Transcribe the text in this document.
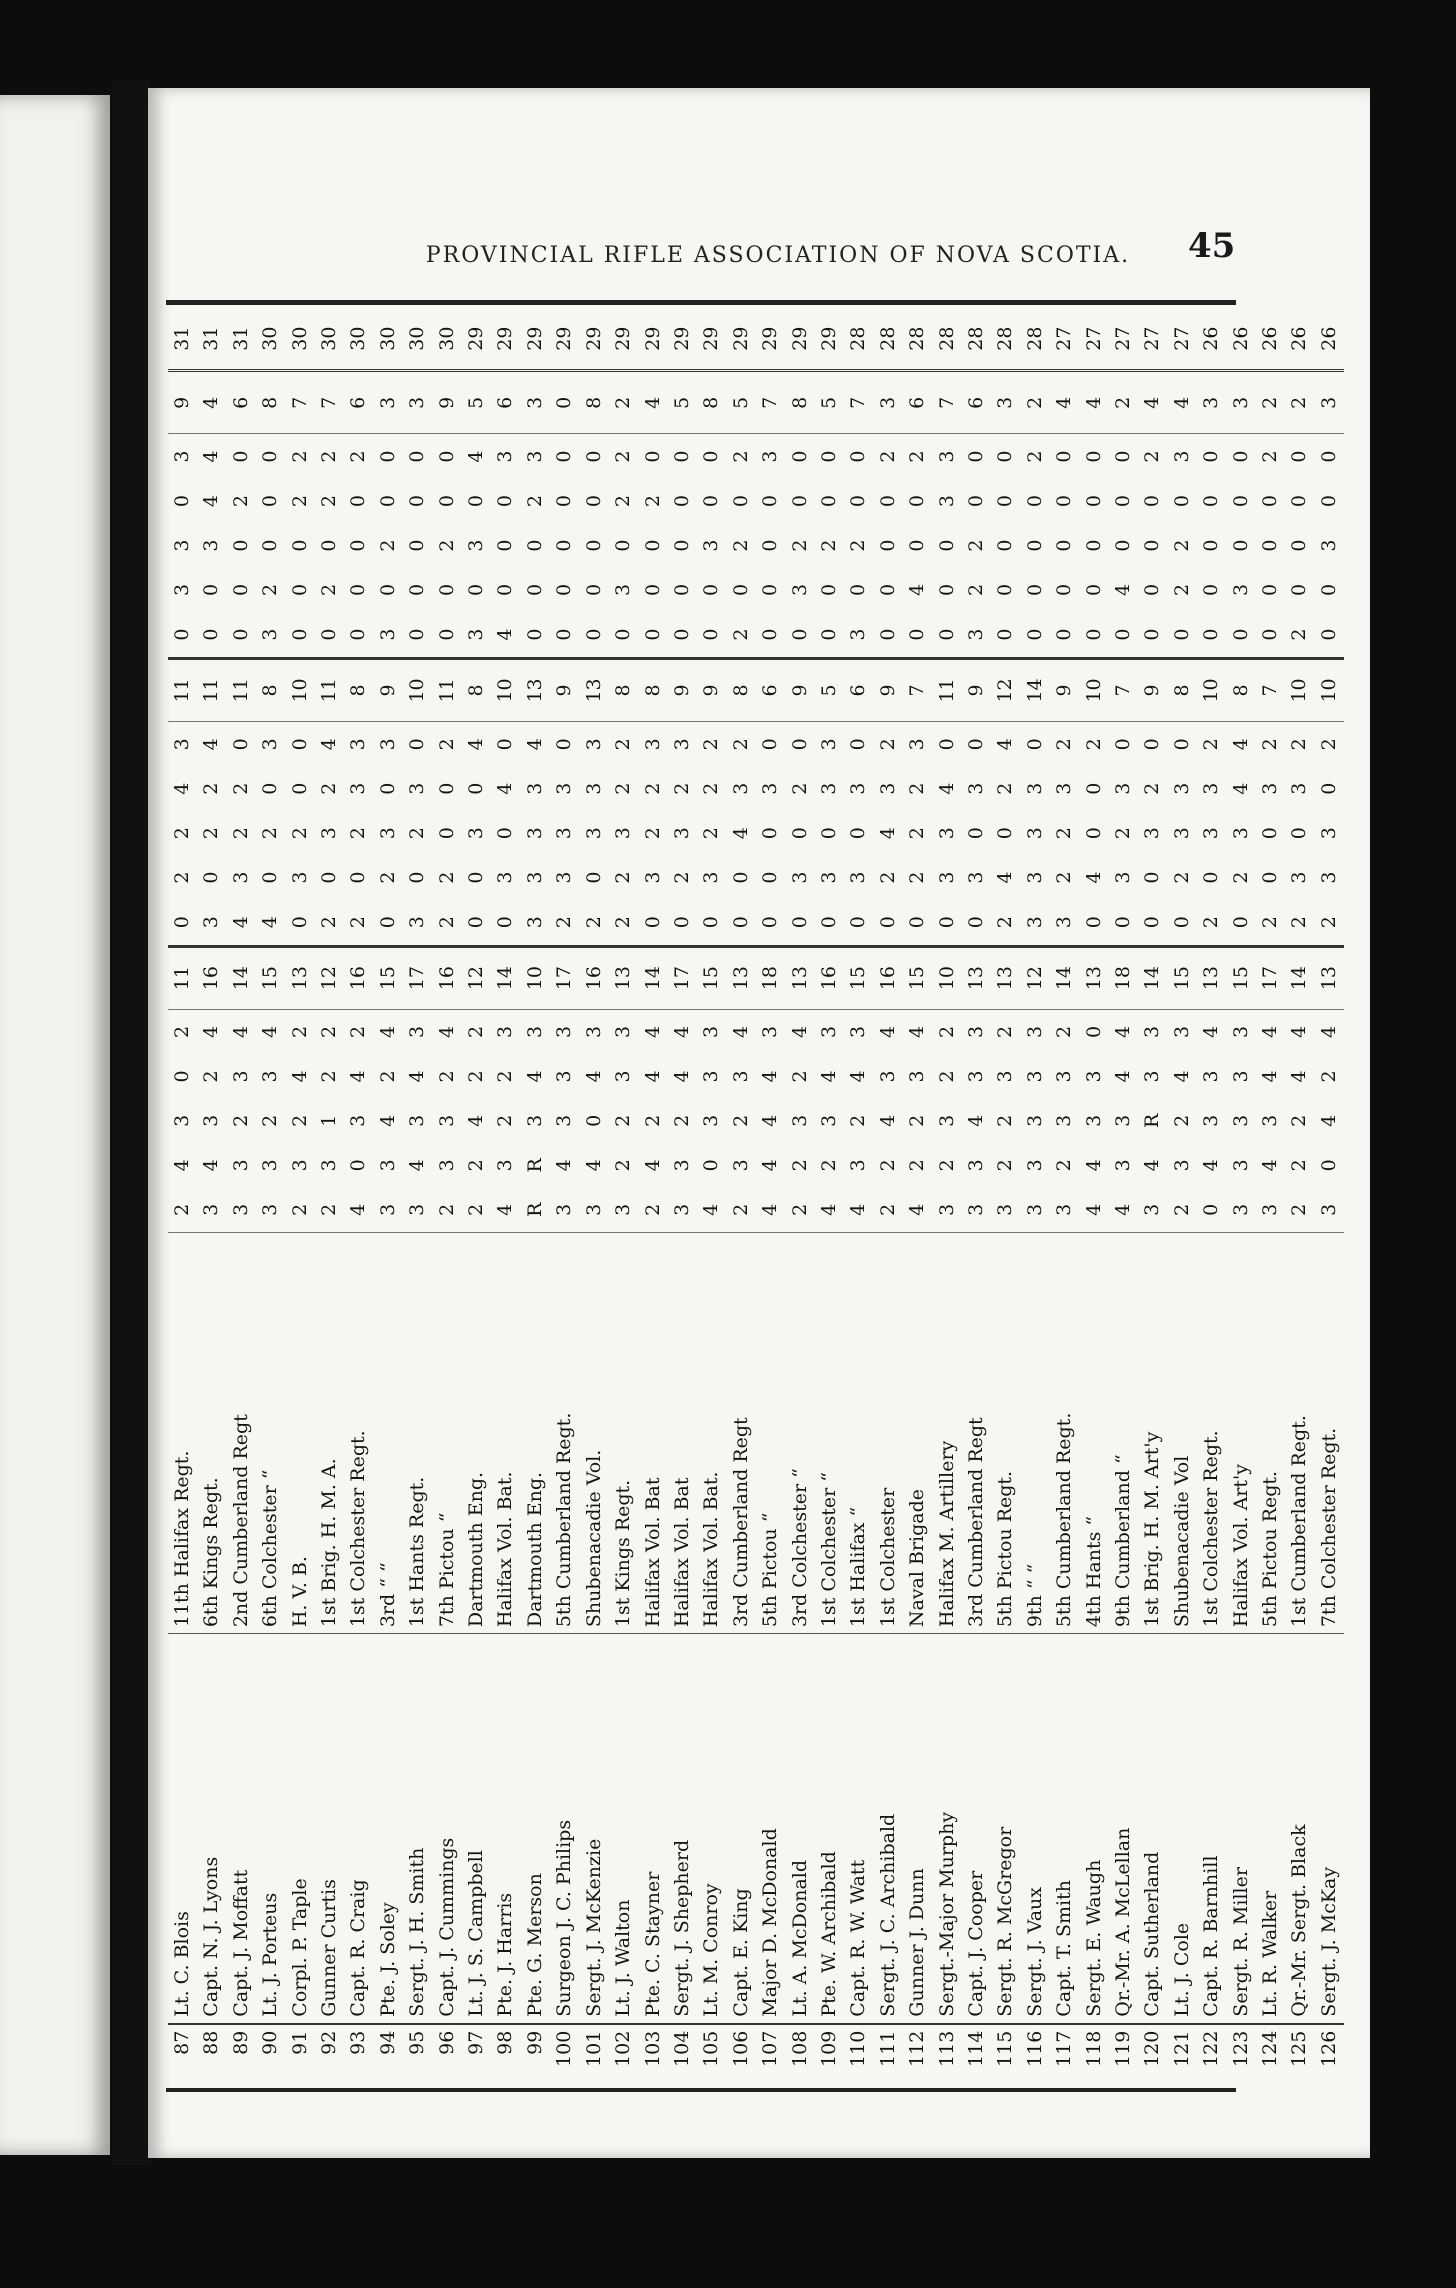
PROVINCIAL RIFLE ASSOCIATION OF NOVA SCOTIA.	45
87	Lt. C. Blois	11th Halifax Regt.	2	4	3	0	2	11	0	2	2	4	3	11	0	3	3	0	3	9	31
88	Capt. N. J. Lyons	6th Kings Regt.	3	4	3	2	4	16	3	0	2	2	4	11	0	0	3	4	4	4	31
89	Capt. J. Moffatt	2nd Cumberland Regt	3	3	2	3	4	14	4	3	2	2	0	11	0	0	0	2	0	6	31
90	Lt. J. Porteus	6th Colchester “	3	3	2	3	4	15	4	0	2	0	3	8	3	2	0	0	0	8	30
91	Corpl. P. Taple	H. V. B.	2	3	2	4	2	13	0	3	2	0	0	10	0	0	0	2	2	7	30
92	Gunner Curtis	1st Brig. H. M. A.	2	3	1	2	2	12	2	0	3	2	4	11	0	2	0	2	2	7	30
93	Capt. R. Craig	1st Colchester Regt.	4	0	3	4	2	16	2	0	2	3	3	8	0	0	0	0	2	6	30
94	Pte. J. Soley	3rd “ “	3	3	4	2	4	15	0	2	3	0	3	9	3	0	2	0	0	3	30
95	Sergt. J. H. Smith	1st Hants Regt.	3	4	3	4	3	17	3	0	2	3	0	10	0	0	0	0	0	3	30
96	Capt. J. Cummings	7th Pictou “	2	3	3	2	4	16	2	2	0	0	2	11	0	0	2	0	0	9	30
97	Lt. J. S. Campbell	Dartmouth Eng.	2	2	4	2	2	12	0	0	3	0	4	8	3	0	3	0	4	5	29
98	Pte. J. Harris	Halifax Vol. Bat.	4	3	2	2	3	14	0	3	0	4	0	10	4	0	0	0	3	6	29
99	Pte. G. Merson	Dartmouth Eng.	R	R	3	4	3	10	3	3	3	3	4	13	0	0	0	2	3	3	29
100	Surgeon J. C. Philips	5th Cumberland Regt.	3	4	3	3	3	17	2	3	3	3	0	9	0	0	0	0	0	0	29
101	Sergt. J. McKenzie	Shubenacadie Vol.	3	4	0	4	3	16	2	0	3	3	3	13	0	0	0	0	0	8	29
102	Lt. J. Walton	1st Kings Regt.	3	2	2	3	3	13	2	2	3	2	2	8	0	3	0	2	2	2	29
103	Pte. C. Stayner	Halifax Vol. Bat	2	4	2	4	4	14	0	3	2	2	3	8	0	0	0	2	0	4	29
104	Sergt. J. Shepherd	Halifax Vol. Bat	3	3	2	4	4	17	0	2	3	2	3	9	0	0	0	0	0	5	29
105	Lt. M. Conroy	Halifax Vol. Bat.	4	0	3	3	3	15	0	3	2	2	2	9	0	0	3	0	0	8	29
106	Capt. E. King	3rd Cumberland Regt	2	3	2	3	4	13	0	0	4	3	2	8	2	0	2	0	2	5	29
107	Major D. McDonald	5th Pictou “	4	4	4	4	3	18	0	0	0	3	0	6	0	0	0	0	3	7	29
108	Lt. A. McDonald	3rd Colchester “	2	2	3	2	4	13	0	3	0	2	0	9	0	3	2	0	0	8	29
109	Pte. W. Archibald	1st Colchester “	4	2	3	4	3	16	0	3	0	3	3	5	0	0	2	0	0	5	29
110	Capt. R. W. Watt	1st Halifax “	4	3	2	4	3	15	0	3	0	3	0	6	3	0	2	0	0	7	28
111	Sergt. J. C. Archibald	1st Colchester	2	2	4	3	4	16	0	2	4	3	2	9	0	0	0	0	2	3	28
112	Gunner J. Dunn	Naval Brigade	4	2	2	3	4	15	0	2	2	2	3	7	0	4	0	0	2	6	28
113	Sergt.-Major Murphy	Halifax M. Artillery	3	2	3	2	2	10	0	3	3	4	0	11	0	0	0	3	3	7	28
114	Capt. J. Cooper	3rd Cumberland Regt	3	3	4	3	3	13	0	3	0	3	0	9	3	2	2	0	0	6	28
115	Sergt. R. McGregor	5th Pictou Regt.	3	2	2	3	2	13	2	4	0	2	4	12	0	0	0	0	0	3	28
116	Sergt. J. Vaux	9th “ “	3	3	3	3	3	12	3	3	3	3	0	14	0	0	0	0	2	2	28
117	Capt. T. Smith	5th Cumberland Regt.	3	2	3	3	2	14	3	2	2	3	2	9	0	0	0	0	0	4	27
118	Sergt. E. Waugh	4th Hants “	4	4	3	3	0	13	0	4	0	0	2	10	0	0	0	0	0	4	27
119	Qr.-Mr. A. McLellan	9th Cumberland “	4	3	3	4	4	18	0	3	2	3	0	7	0	4	0	0	0	2	27
120	Capt. Sutherland	1st Brig. H. M. Art'y	3	4	R	3	3	14	0	0	3	2	0	9	0	0	0	0	2	4	27
121	Lt. J. Cole	Shubenacadie Vol	2	3	2	4	3	15	0	2	3	3	0	8	0	2	2	0	3	4	27
122	Capt. R. Barnhill	1st Colchester Regt.	0	4	3	3	4	13	2	0	3	3	2	10	0	0	0	0	0	3	26
123	Sergt. R. Miller	Halifax Vol. Art'y	3	3	3	3	3	15	0	2	3	4	4	8	0	3	0	0	0	3	26
124	Lt. R. Walker	5th Pictou Regt.	3	4	3	4	4	17	2	0	0	3	2	7	0	0	0	0	2	2	26
125	Qr.-Mr. Sergt. Black	1st Cumberland Regt.	2	2	2	4	4	14	2	3	0	3	2	10	2	0	0	0	0	2	26
126	Sergt. J. McKay	7th Colchester Regt.	3	0	4	2	4	13	2	3	3	0	2	10	0	0	3	0	0	3	26
